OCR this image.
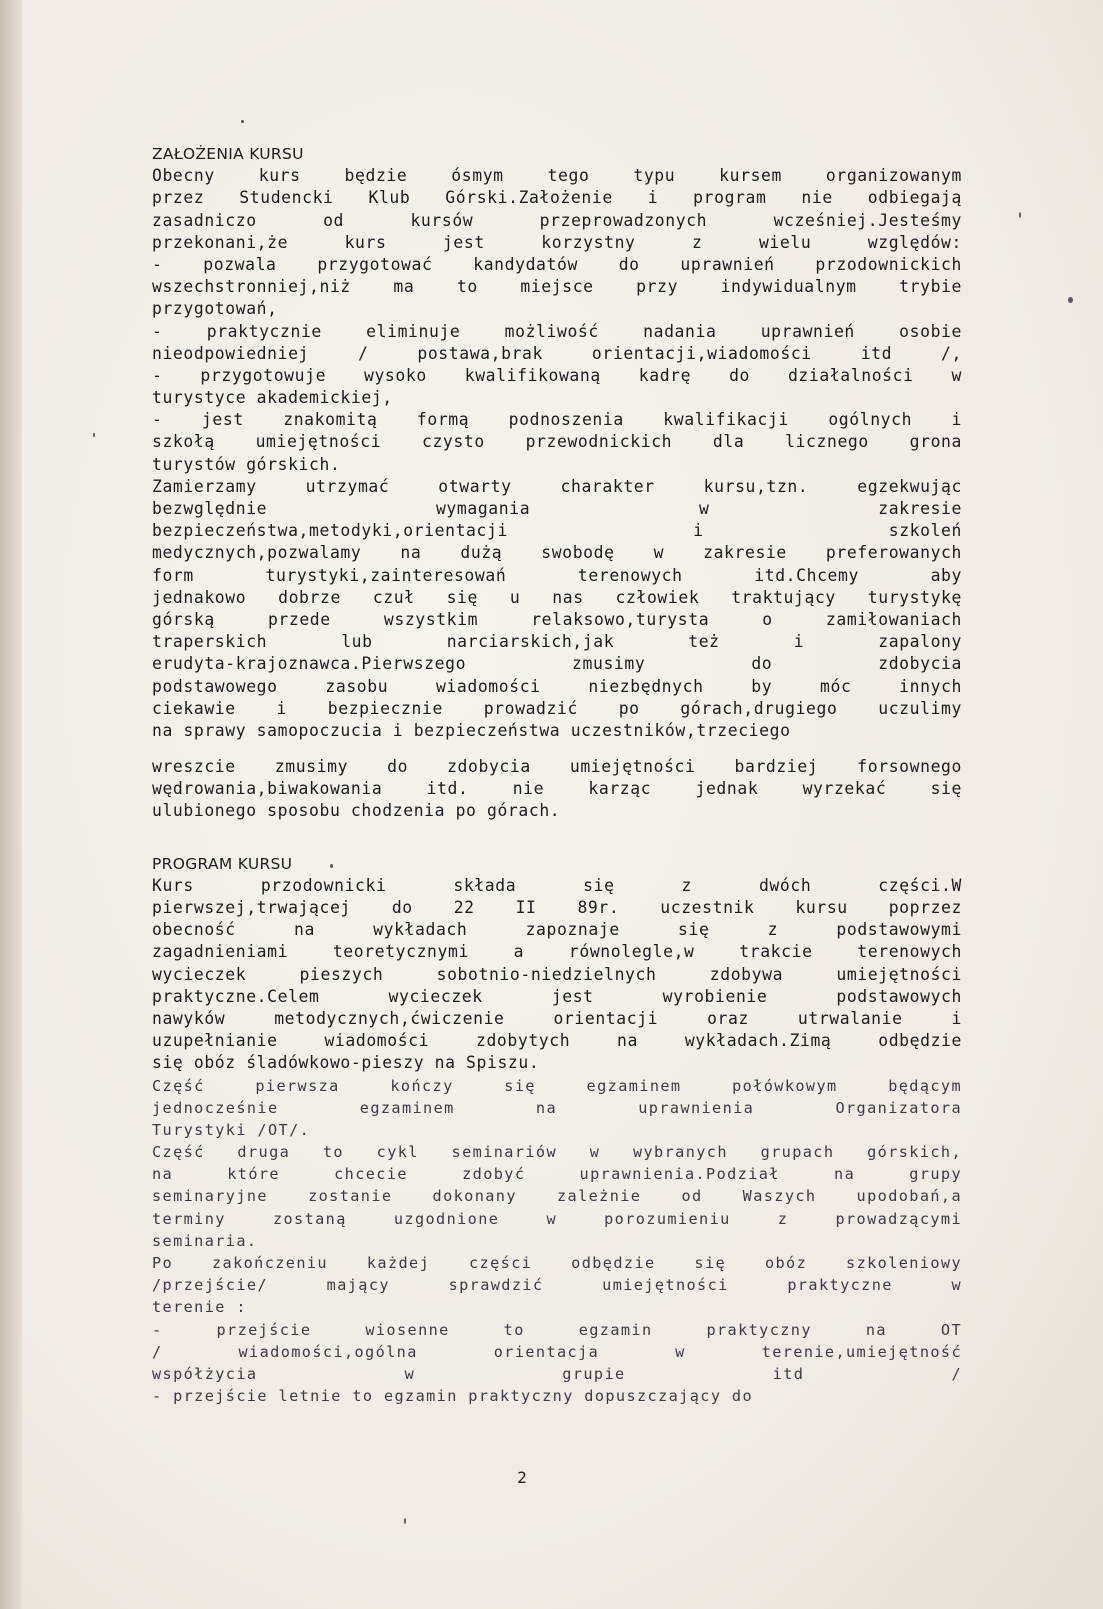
ZAŁOŻENIA KURSU
Obecny kurs będzie ósmym tego typu kursem organizowanym
przez Studencki Klub Górski.Założenie i program nie odbiegają
zasadniczo od kursów przeprowadzonych wcześniej.Jesteśmy
przekonani,że kurs jest korzystny z wielu względów:
- pozwala przygotować kandydatów do uprawnień przodownickich
wszechstronniej,niż ma to miejsce przy indywidualnym trybie
przygotowań,
- praktycznie eliminuje możliwość nadania uprawnień osobie
nieodpowiedniej / postawa,brak orientacji,wiadomości itd /,
- przygotowuje wysoko kwalifikowaną kadrę do działalności w
turystyce akademickiej,
- jest znakomitą formą podnoszenia kwalifikacji ogólnych i
szkołą umiejętności czysto przewodnickich dla licznego grona
turystów górskich.
Zamierzamy utrzymać otwarty charakter kursu,tzn. egzekwując
bezwględnie wymagania w zakresie
bezpieczeństwa,metodyki,orientacji i szkoleń
medycznych,pozwalamy na dużą swobodę w zakresie preferowanych
form turystyki,zainteresowań terenowych itd.Chcemy aby
jednakowo dobrze czuł się u nas człowiek traktujący turystykę
górską przede wszystkim relaksowo,turysta o zamiłowaniach
traperskich lub narciarskich,jak też i zapalony
erudyta-krajoznawca.Pierwszego zmusimy do zdobycia
podstawowego zasobu wiadomości niezbędnych by móc innych
ciekawie i bezpiecznie prowadzić po górach,drugiego uczulimy
na sprawy samopoczucia i bezpieczeństwa uczestników,trzeciego
wreszcie zmusimy do zdobycia umiejętności bardziej forsownego
wędrowania,biwakowania itd. nie karząc jednak wyrzekać się
ulubionego sposobu chodzenia po górach.
PROGRAM KURSU
Kurs przodownicki składa się z dwóch części.W
pierwszej,trwającej do 22 II 89r. uczestnik kursu poprzez
obecność na wykładach zapoznaje się z podstawowymi
zagadnieniami teoretycznymi a równolegle,w trakcie terenowych
wycieczek pieszych sobotnio-niedzielnych zdobywa umiejętności
praktyczne.Celem wycieczek jest wyrobienie podstawowych
nawyków metodycznych,ćwiczenie orientacji oraz utrwalanie i
uzupełnianie wiadomości zdobytych na wykładach.Zimą odbędzie
się obóz śladówkowo-pieszy na Spiszu.
Część pierwsza kończy się egzaminem połówkowym będącym
jednocześnie egzaminem na uprawnienia Organizatora
Turystyki /OT/.
Część druga to cykl seminariów w wybranych grupach górskich,
na które chcecie zdobyć uprawnienia.Podział na grupy
seminaryjne zostanie dokonany zależnie od Waszych upodobań,a
terminy zostaną uzgodnione w porozumieniu z prowadzącymi
seminaria.
Po zakończeniu każdej części odbędzie się obóz szkoleniowy
/przejście/ mający sprawdzić umiejętności praktyczne w
terenie :
- przejście wiosenne to egzamin praktyczny na OT
/ wiadomości,ogólna orientacja w terenie,umiejętność
współżycia w grupie itd /
- przejście letnie to egzamin praktyczny dopuszczający do
2
